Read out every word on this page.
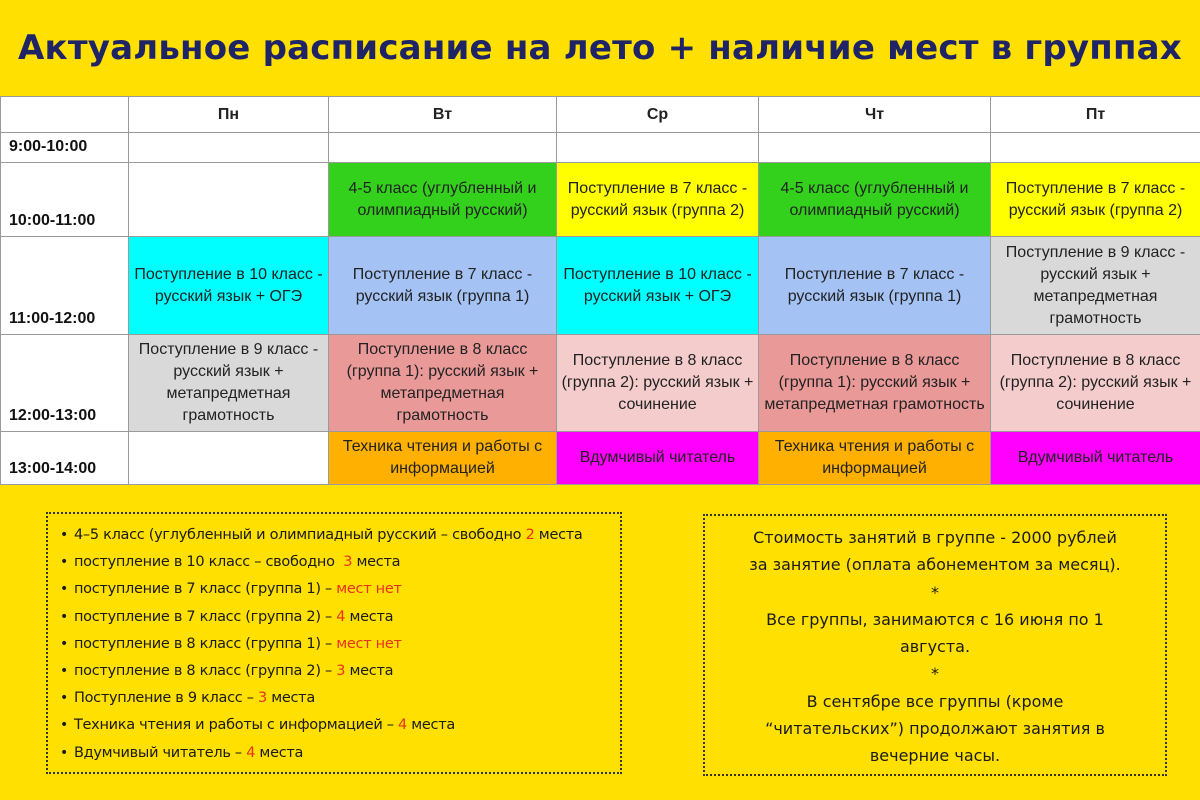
Актуальное расписание на лето + наличие мест в группах
	Пн	Вт	Ср	Чт	Пт
9:00-10:00					
10:00-11:00		4-5 класс (углубленный и олимпиадный русский)	Поступление в 7 класс - русский язык (группа 2)	4-5 класс (углубленный и олимпиадный русский)	Поступление в 7 класс - русский язык (группа 2)
11:00-12:00	Поступление в 10 класс - русский язык + ОГЭ	Поступление в 7 класс - русский язык (группа 1)	Поступление в 10 класс - русский язык + ОГЭ	Поступление в 7 класс - русский язык (группа 1)	Поступление в 9 класс - русский язык + метапредметная грамотность
12:00-13:00	Поступление в 9 класс - русский язык + метапредметная грамотность	Поступление в 8 класс (группа 1): русский язык + метапредметная грамотность	Поступление в 8 класс (группа 2): русский язык + сочинение	Поступление в 8 класс (группа 1): русский язык + метапредметная грамотность	Поступление в 8 класс (группа 2): русский язык + сочинение
13:00-14:00		Техника чтения и работы с информацией	Вдумчивый читатель	Техника чтения и работы с информацией	Вдумчивый читатель
• 4–5 класс (углубленный и олимпиадный русский – свободно 2 места
• поступление в 10 класс – свободно  3 места
• поступление в 7 класс (группа 1) – мест нет
• поступление в 7 класс (группа 2) – 4 места
• поступление в 8 класс (группа 1) – мест нет
• поступление в 8 класс (группа 2) – 3 места
• Поступление в 9 класс – 3 места
• Техника чтения и работы с информацией – 4 места
• Вдумчивый читатель – 4 места
Стоимость занятий в группе - 2000 рублей
за занятие (оплата абонементом за месяц).
*
Все группы, занимаются с 16 июня по 1
августа.
*
В сентябре все группы (кроме
“читательских”) продолжают занятия в
вечерние часы.
